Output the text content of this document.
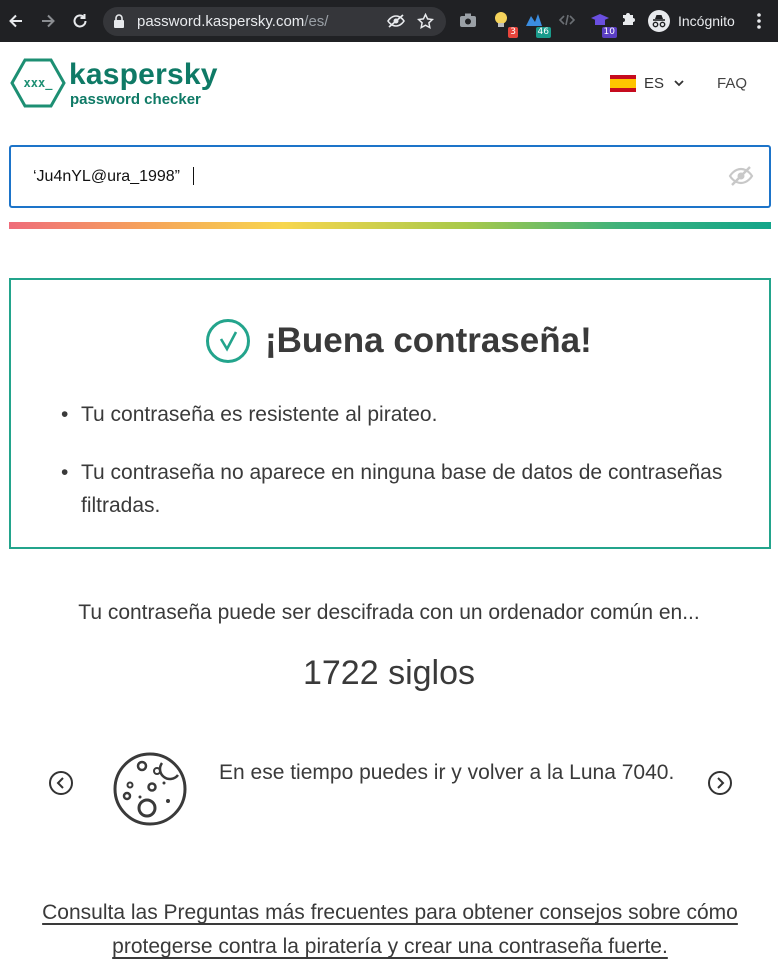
password.kaspersky.com/es/
3 46	10
Incógnito
xxx_ kaspersky
password checker
ES	FAQ
‘Ju4nYL@ura_1998”
¡Buena contraseña!
• Tu contraseña es resistente al pirateo.
• Tu contraseña no aparece en ninguna base de datos de contraseñas filtradas.
Tu contraseña puede ser descifrada con un ordenador común en...
1722 siglos
En ese tiempo puedes ir y volver a la Luna 7040.
Consulta las Preguntas más frecuentes para obtener consejos sobre cómo protegerse contra la piratería y crear una contraseña fuerte.
